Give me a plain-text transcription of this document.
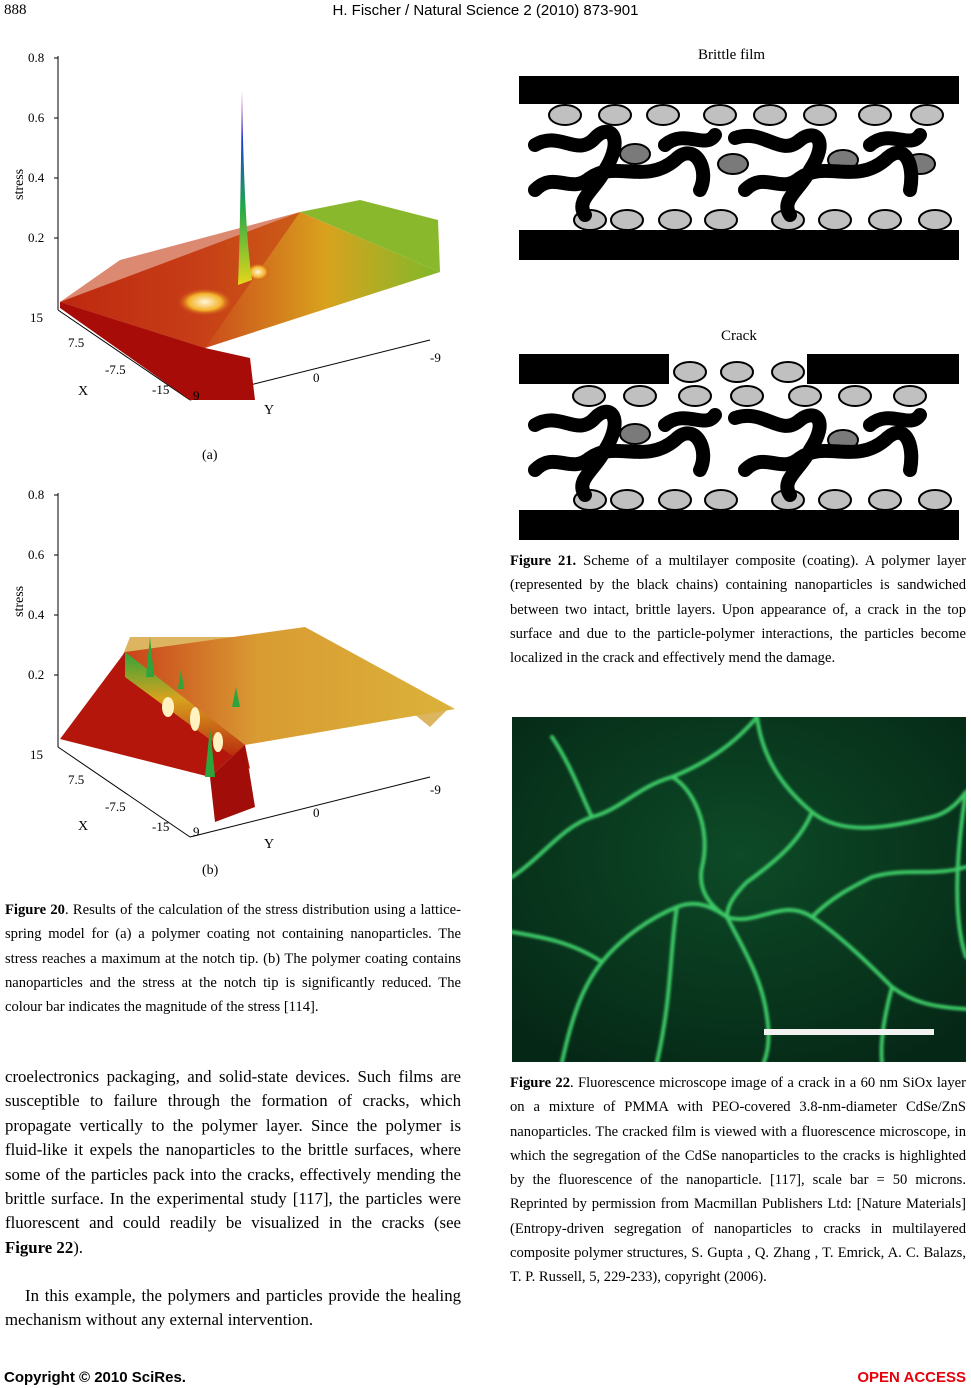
888	H. Fischer / Natural Science 2 (2010) 873-901
0.8
0.6
0.4
0.2
stress
15
7.5
-7.5
-15
X	9
0
-9
Y
(a)
0.8
0.6
0.4
0.2
stress
15
7.5
-7.5
-15
X	9
0
-9
Y
(b)
Figure 20. Results of the calculation of the stress distribution using a lattice-spring model for (a) a polymer coating not containing nanoparticles. The stress reaches a maximum at the notch tip. (b) The polymer coating contains nanoparticles and the stress at the notch tip is significantly reduced. The colour bar indicates the magnitude of the stress [114].
croelectronics packaging, and solid-state devices. Such films are susceptible to failure through the formation of cracks, which propagate vertically to the polymer layer. Since the polymer is fluid-like it expels the nanoparticles to the brittle surfaces, where some of the particles pack into the cracks, effectively mending the brittle surface. In the experimental study [117], the particles were fluorescent and could readily be visualized in the cracks (see Figure 22).
In this example, the polymers and particles provide the healing mechanism without any external intervention.
Brittle film
Crack
Figure 21. Scheme of a multilayer composite (coating). A polymer layer (represented by the black chains) containing nanoparticles is sandwiched between two intact, brittle layers. Upon appearance of, a crack in the top surface and due to the particle-polymer interactions, the particles become localized in the crack and effectively mend the damage.
Figure 22. Fluorescence microscope image of a crack in a 60 nm SiOx layer on a mixture of PMMA with PEO-covered 3.8-nm-diameter CdSe/ZnS nanoparticles. The cracked film is viewed with a fluorescence microscope, in which the segregation of the CdSe nanoparticles to the cracks is highlighted by the fluorescence of the nanoparticle. [117], scale bar = 50 microns. Reprinted by permission from Macmillan Publishers Ltd: [Nature Materials] (Entropy-driven segregation of nanoparticles to cracks in multilayered composite polymer structures, S. Gupta , Q. Zhang , T. Emrick, A. C. Balazs, T. P. Russell, 5, 229-233), copyright (2006).
Copyright © 2010 SciRes.	OPEN ACCESS
